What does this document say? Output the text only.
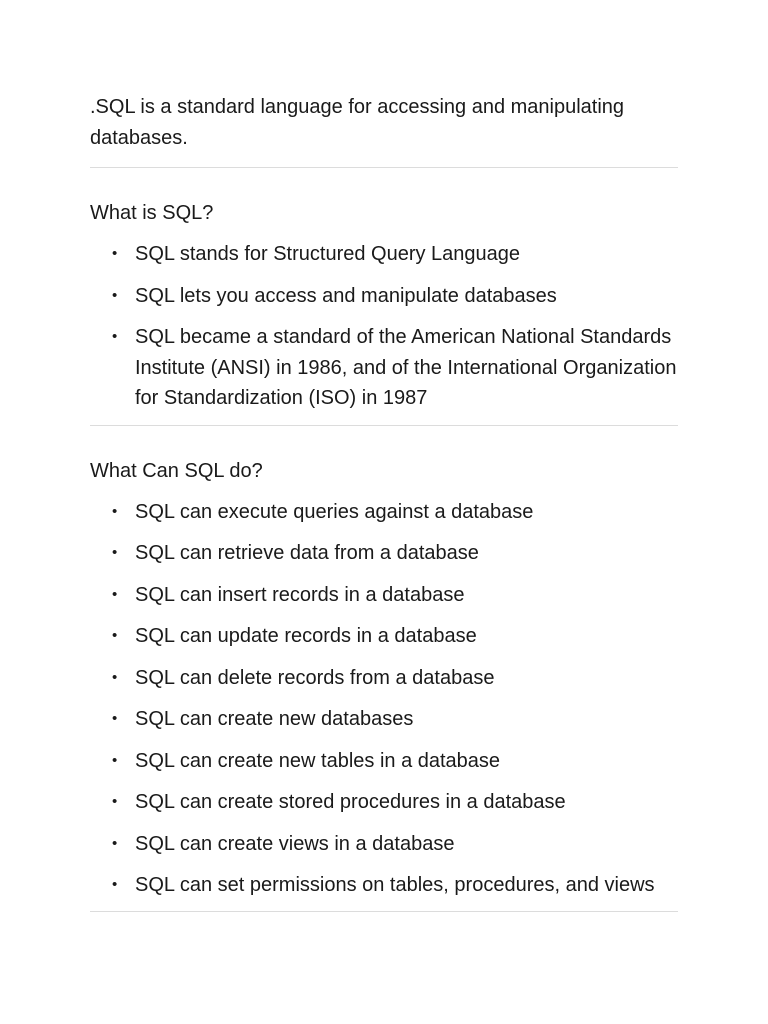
.SQL is a standard language for accessing and manipulating databases.

What is SQL?

• SQL stands for Structured Query Language
• SQL lets you access and manipulate databases
• SQL became a standard of the American National Standards Institute (ANSI) in 1986, and of the International Organization for Standardization (ISO) in 1987

What Can SQL do?

• SQL can execute queries against a database
• SQL can retrieve data from a database
• SQL can insert records in a database
• SQL can update records in a database
• SQL can delete records from a database
• SQL can create new databases
• SQL can create new tables in a database
• SQL can create stored procedures in a database
• SQL can create views in a database
• SQL can set permissions on tables, procedures, and views
